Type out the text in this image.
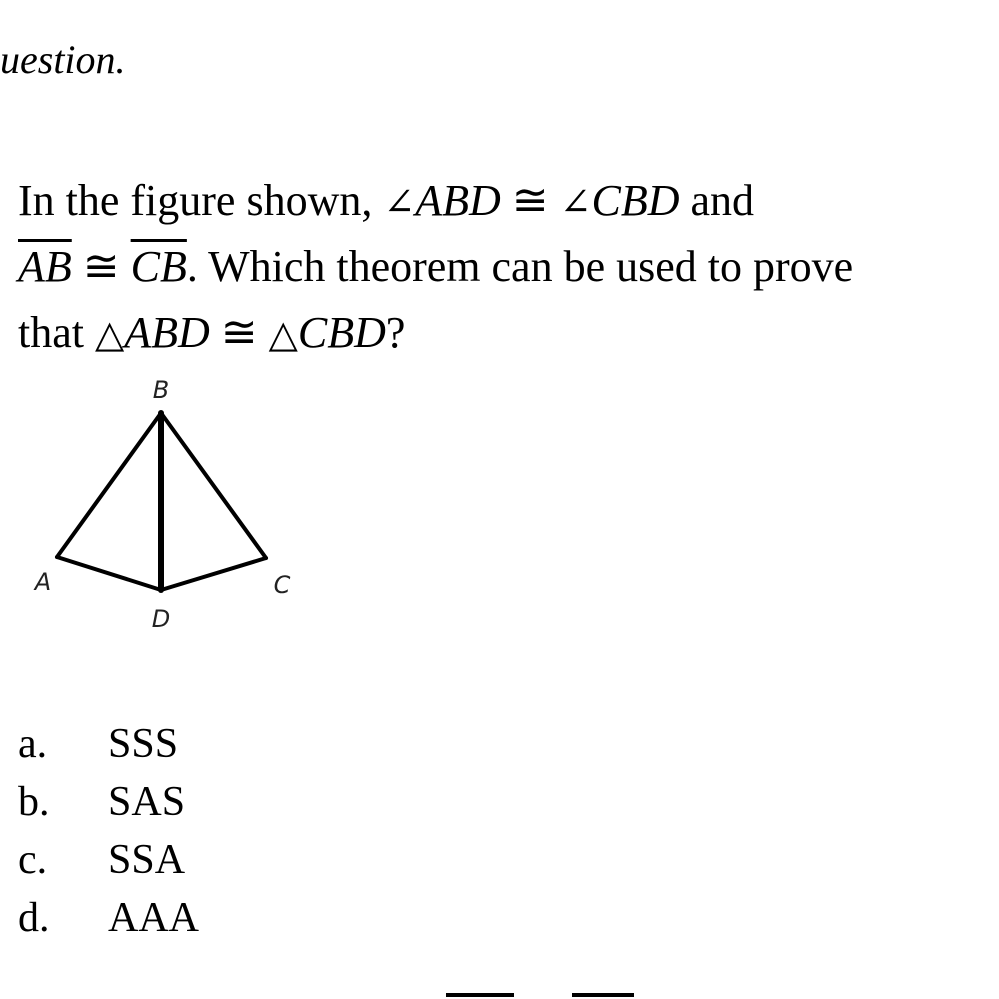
uestion.
In the figure shown, ∠ABD ≅ ∠CBD and
$\overline{AB}$ ≅ $\overline{CB}$. Which theorem can be used to prove
that △ABD ≅ △CBD?
B
A	C
D
a. SSS
b. SAS
c. SSA
d. AAA
